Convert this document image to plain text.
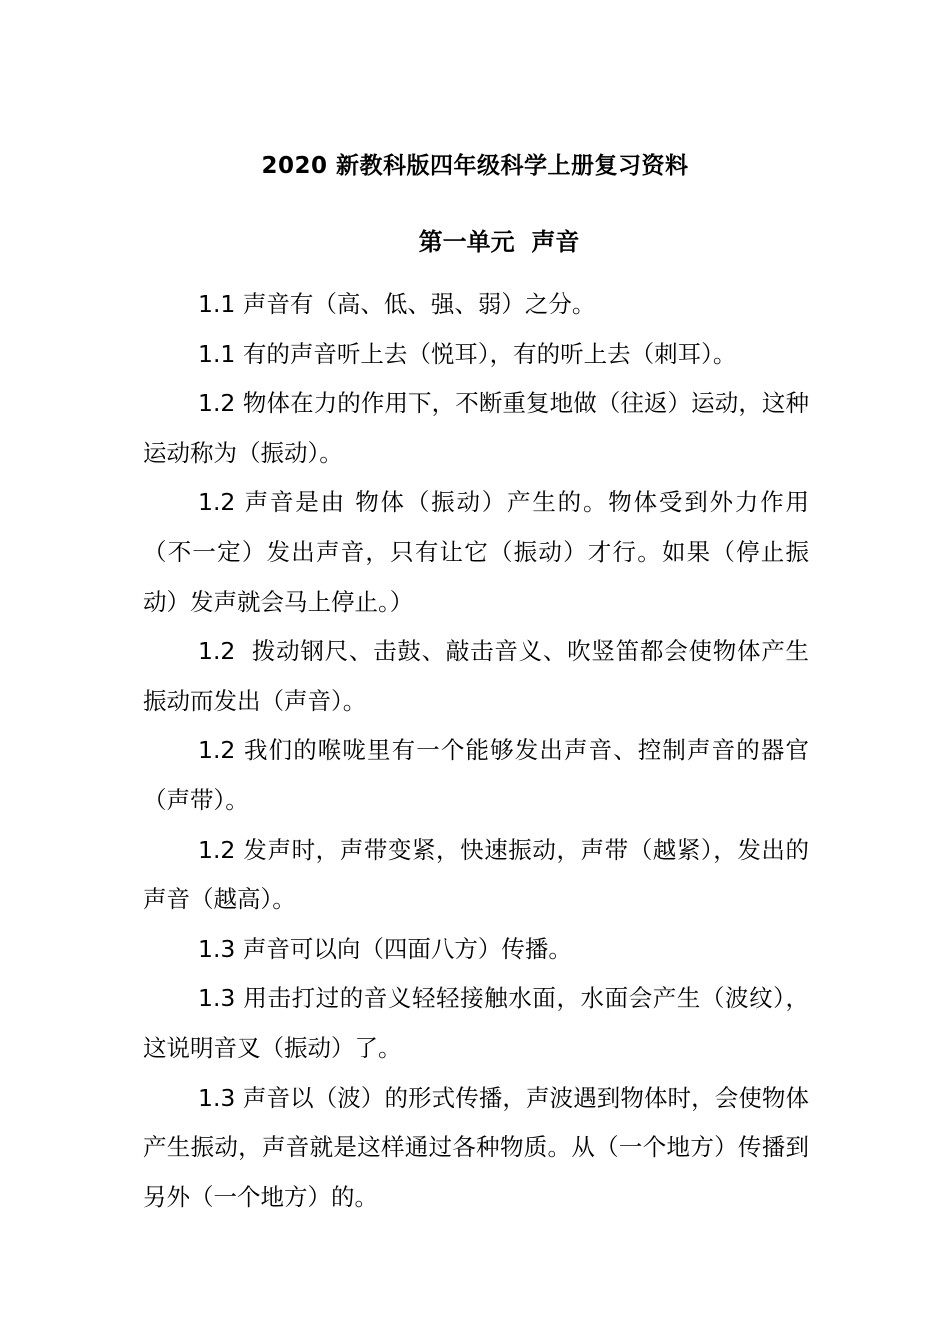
2020 新教科版四年级科学上册复习资料
第一单元  声音

1.1 声音有（高、低、强、弱）之分。

1.1 有的声音听上去（悦耳），有的听上去（刺耳）。

1.2 物体在力的作用下，不断重复地做（往返）运动，这种运动称为（振动）。

1.2 声音是由 物体（振动）产生的。物体受到外力作用（不一定）发出声音，只有让它（振动）才行。如果（停止振动）发声就会马上停止。）

1.2  拨动钢尺、击鼓、敲击音义、吹竖笛都会使物体产生振动而发出（声音）。

1.2 我们的喉咙里有一个能够发出声音、控制声音的器官（声带）。

1.2 发声时，声带变紧，快速振动，声带（越紧），发出的声音（越高）。

1.3 声音可以向（四面八方）传播。

1.3 用击打过的音义轻轻接触水面，水面会产生（波纹），这说明音叉（振动）了。

1.3 声音以（波）的形式传播，声波遇到物体时，会使物体产生振动，声音就是这样通过各种物质。从（一个地方）传播到另外（一个地方）的。
